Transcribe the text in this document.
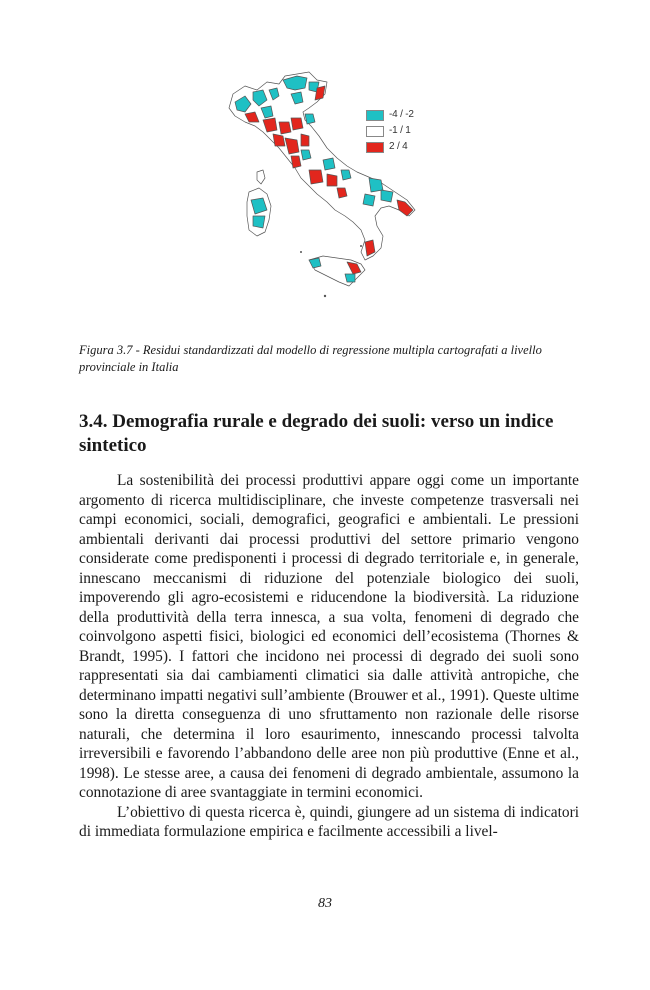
-4 / -2
-1 / 1
2 / 4
Figura 3.7 - Residui standardizzati dal modello di regressione multipla cartografati a livello provinciale in Italia
3.4. Demografia rurale e degrado dei suoli: verso un indice sintetico

La sostenibilità dei processi produttivi appare oggi come un importante argomento di ricerca multidisciplinare, che investe competenze trasversali nei campi economici, sociali, demografici, geografici e ambientali. Le pressioni ambientali derivanti dai processi produttivi del settore primario vengono considerate come predisponenti i processi di degrado territoriale e, in generale, innescano meccanismi di riduzione del potenziale biologico dei suoli, impoverendo gli agro-ecosistemi e riducendone la biodiversità. La riduzione della produttività della terra innesca, a sua volta, fenomeni di degrado che coinvolgono aspetti fisici, biologici ed economici dell’ecosistema (Thornes & Brandt, 1995). I fattori che incidono nei processi di degrado dei suoli sono rappresentati sia dai cambiamenti climatici sia dalle attività antropiche, che determinano impatti negativi sull’ambiente (Brouwer et al., 1991). Queste ultime sono la diretta conseguenza di uno sfruttamento non razionale delle risorse naturali, che determina il loro esaurimento, innescando processi talvolta irreversibili e favorendo l’abbandono delle aree non più produttive (Enne et al., 1998). Le stesse aree, a causa dei fenomeni di degrado ambientale, assumono la connotazione di aree svantaggiate in termini economici.

L’obiettivo di questa ricerca è, quindi, giungere ad un sistema di indicatori di immediata formulazione empirica e facilmente accessibili a livel-

83
